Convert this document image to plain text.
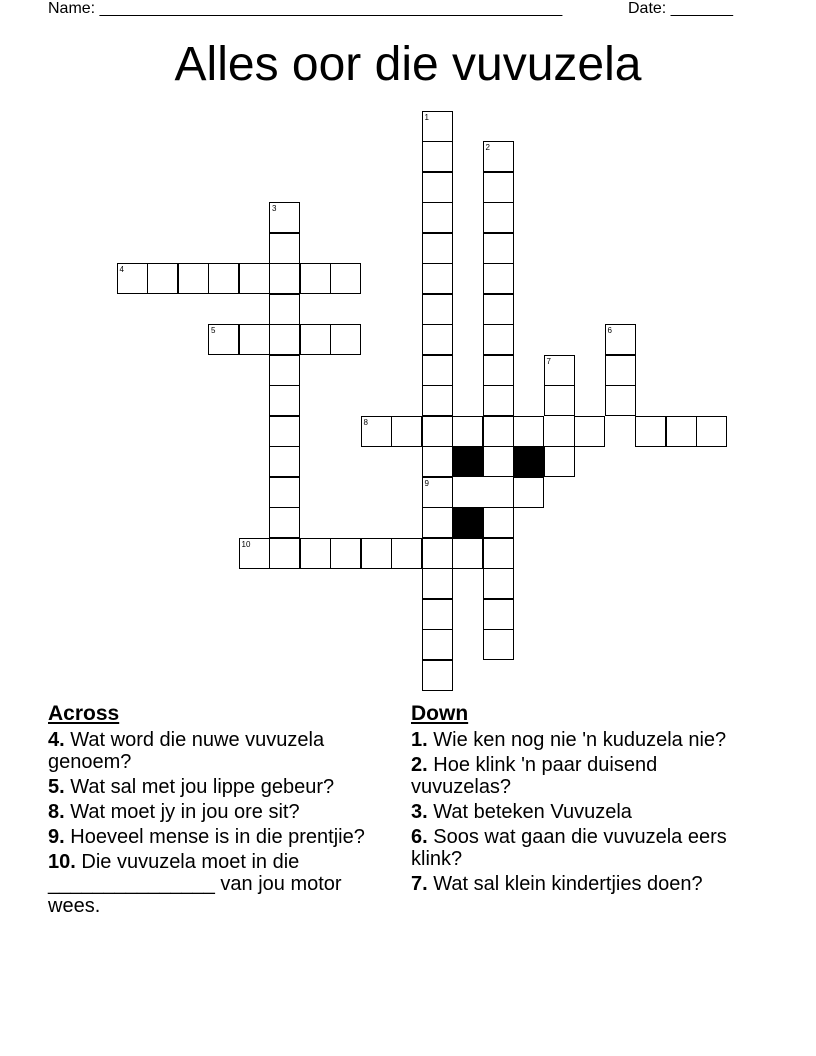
Name: ____________________________________________________	Date: _______
Alles oor die vuvuzela
1
9
2
3
4
5	6
7
8
10
Across
4. Wat word die nuwe vuvuzela genoem?
5. Wat sal met jou lippe gebeur?
8. Wat moet jy in jou ore sit?
9. Hoeveel mense is in die prentjie?
10. Die vuvuzela moet in die _______________ van jou motor wees.
Down
1. Wie ken nog nie 'n kuduzela nie?
2. Hoe klink 'n paar duisend vuvuzelas?
3. Wat beteken Vuvuzela
6. Soos wat gaan die vuvuzela eers klink?
7. Wat sal klein kindertjies doen?
